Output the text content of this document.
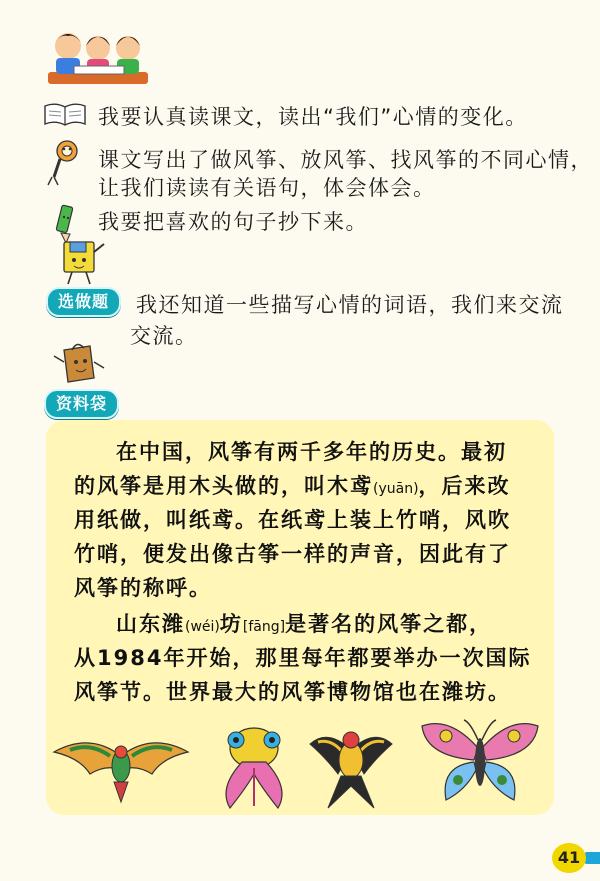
我要认真读课文，读出“我们”心情的变化。
课文写出了做风筝、放风筝、找风筝的不同心情，
让我们读读有关语句，体会体会。
我要把喜欢的句子抄下来。
选做题	我还知道一些描写心情的词语，我们来交流
交流。
资料袋
在中国，风筝有两千多年的历史。最初
的风筝是用木头做的，叫木鸢(yuān)，后来改
用纸做，叫纸鸢。在纸鸢上装上竹哨，风吹
竹哨，便发出像古筝一样的声音，因此有了
风筝的称呼。
山东潍(wéi)坊[fāng]是著名的风筝之都，
从1984年开始，那里每年都要举办一次国际
风筝节。世界最大的风筝博物馆也在潍坊。
41
